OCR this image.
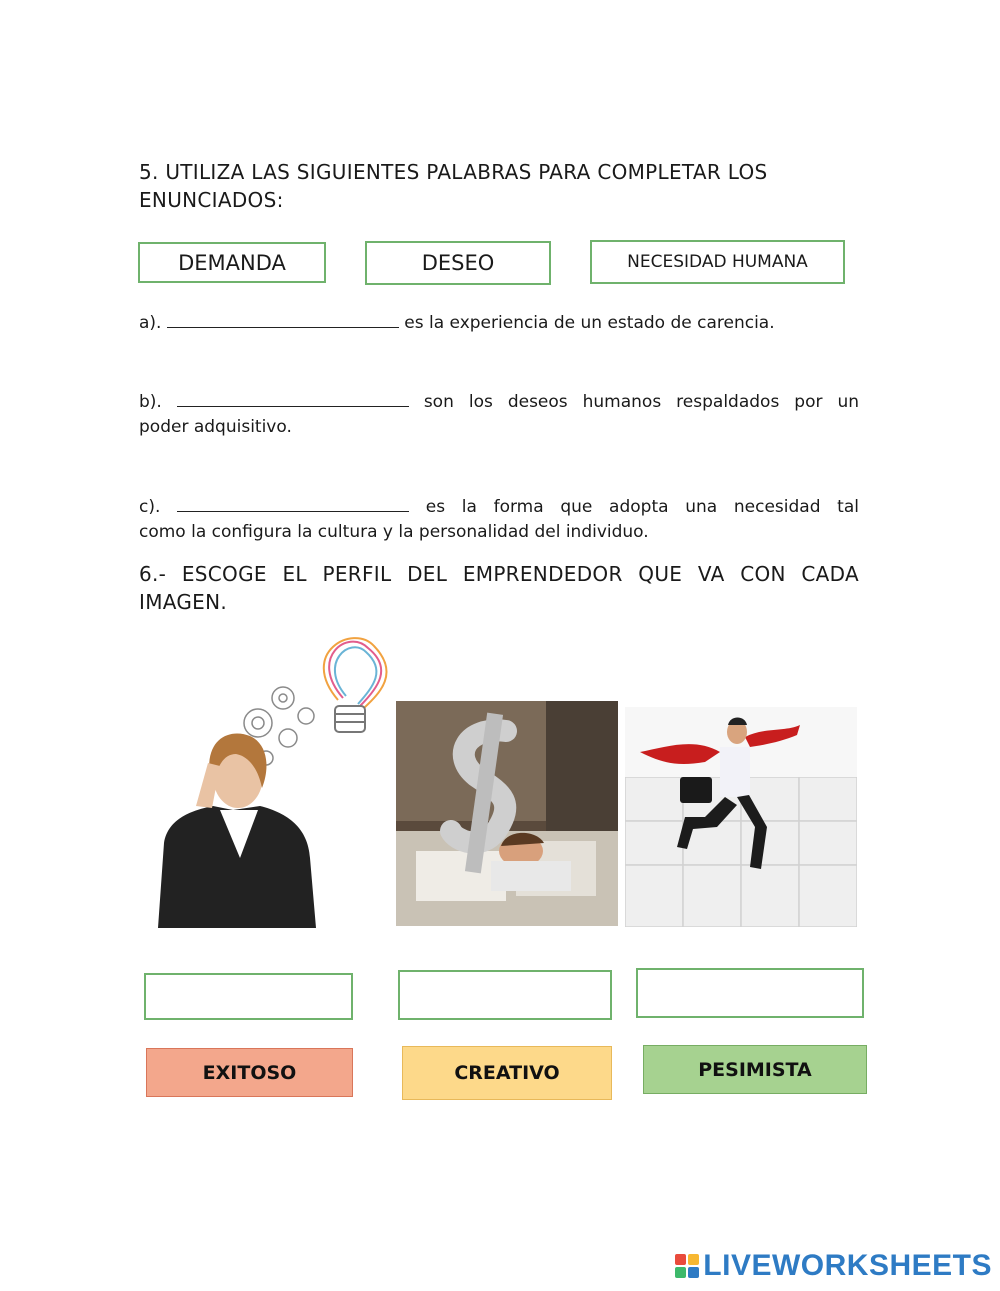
5. UTILIZA LAS SIGUIENTES PALABRAS PARA COMPLETAR LOS
ENUNCIADOS:
DEMANDA	DESEO	NECESIDAD HUMANA
a).	es la experiencia de un estado de carencia.
b).	son los deseos humanos respaldados por un
poder adquisitivo.
c).	es la forma que adopta una necesidad tal
como la configura la cultura y la personalidad del individuo.
6.- ESCOGE EL PERFIL DEL EMPRENDEDOR QUE VA CON CADA
IMAGEN.
EXITOSO	CREATIVO	PESIMISTA
LIVEWORKSHEETS
